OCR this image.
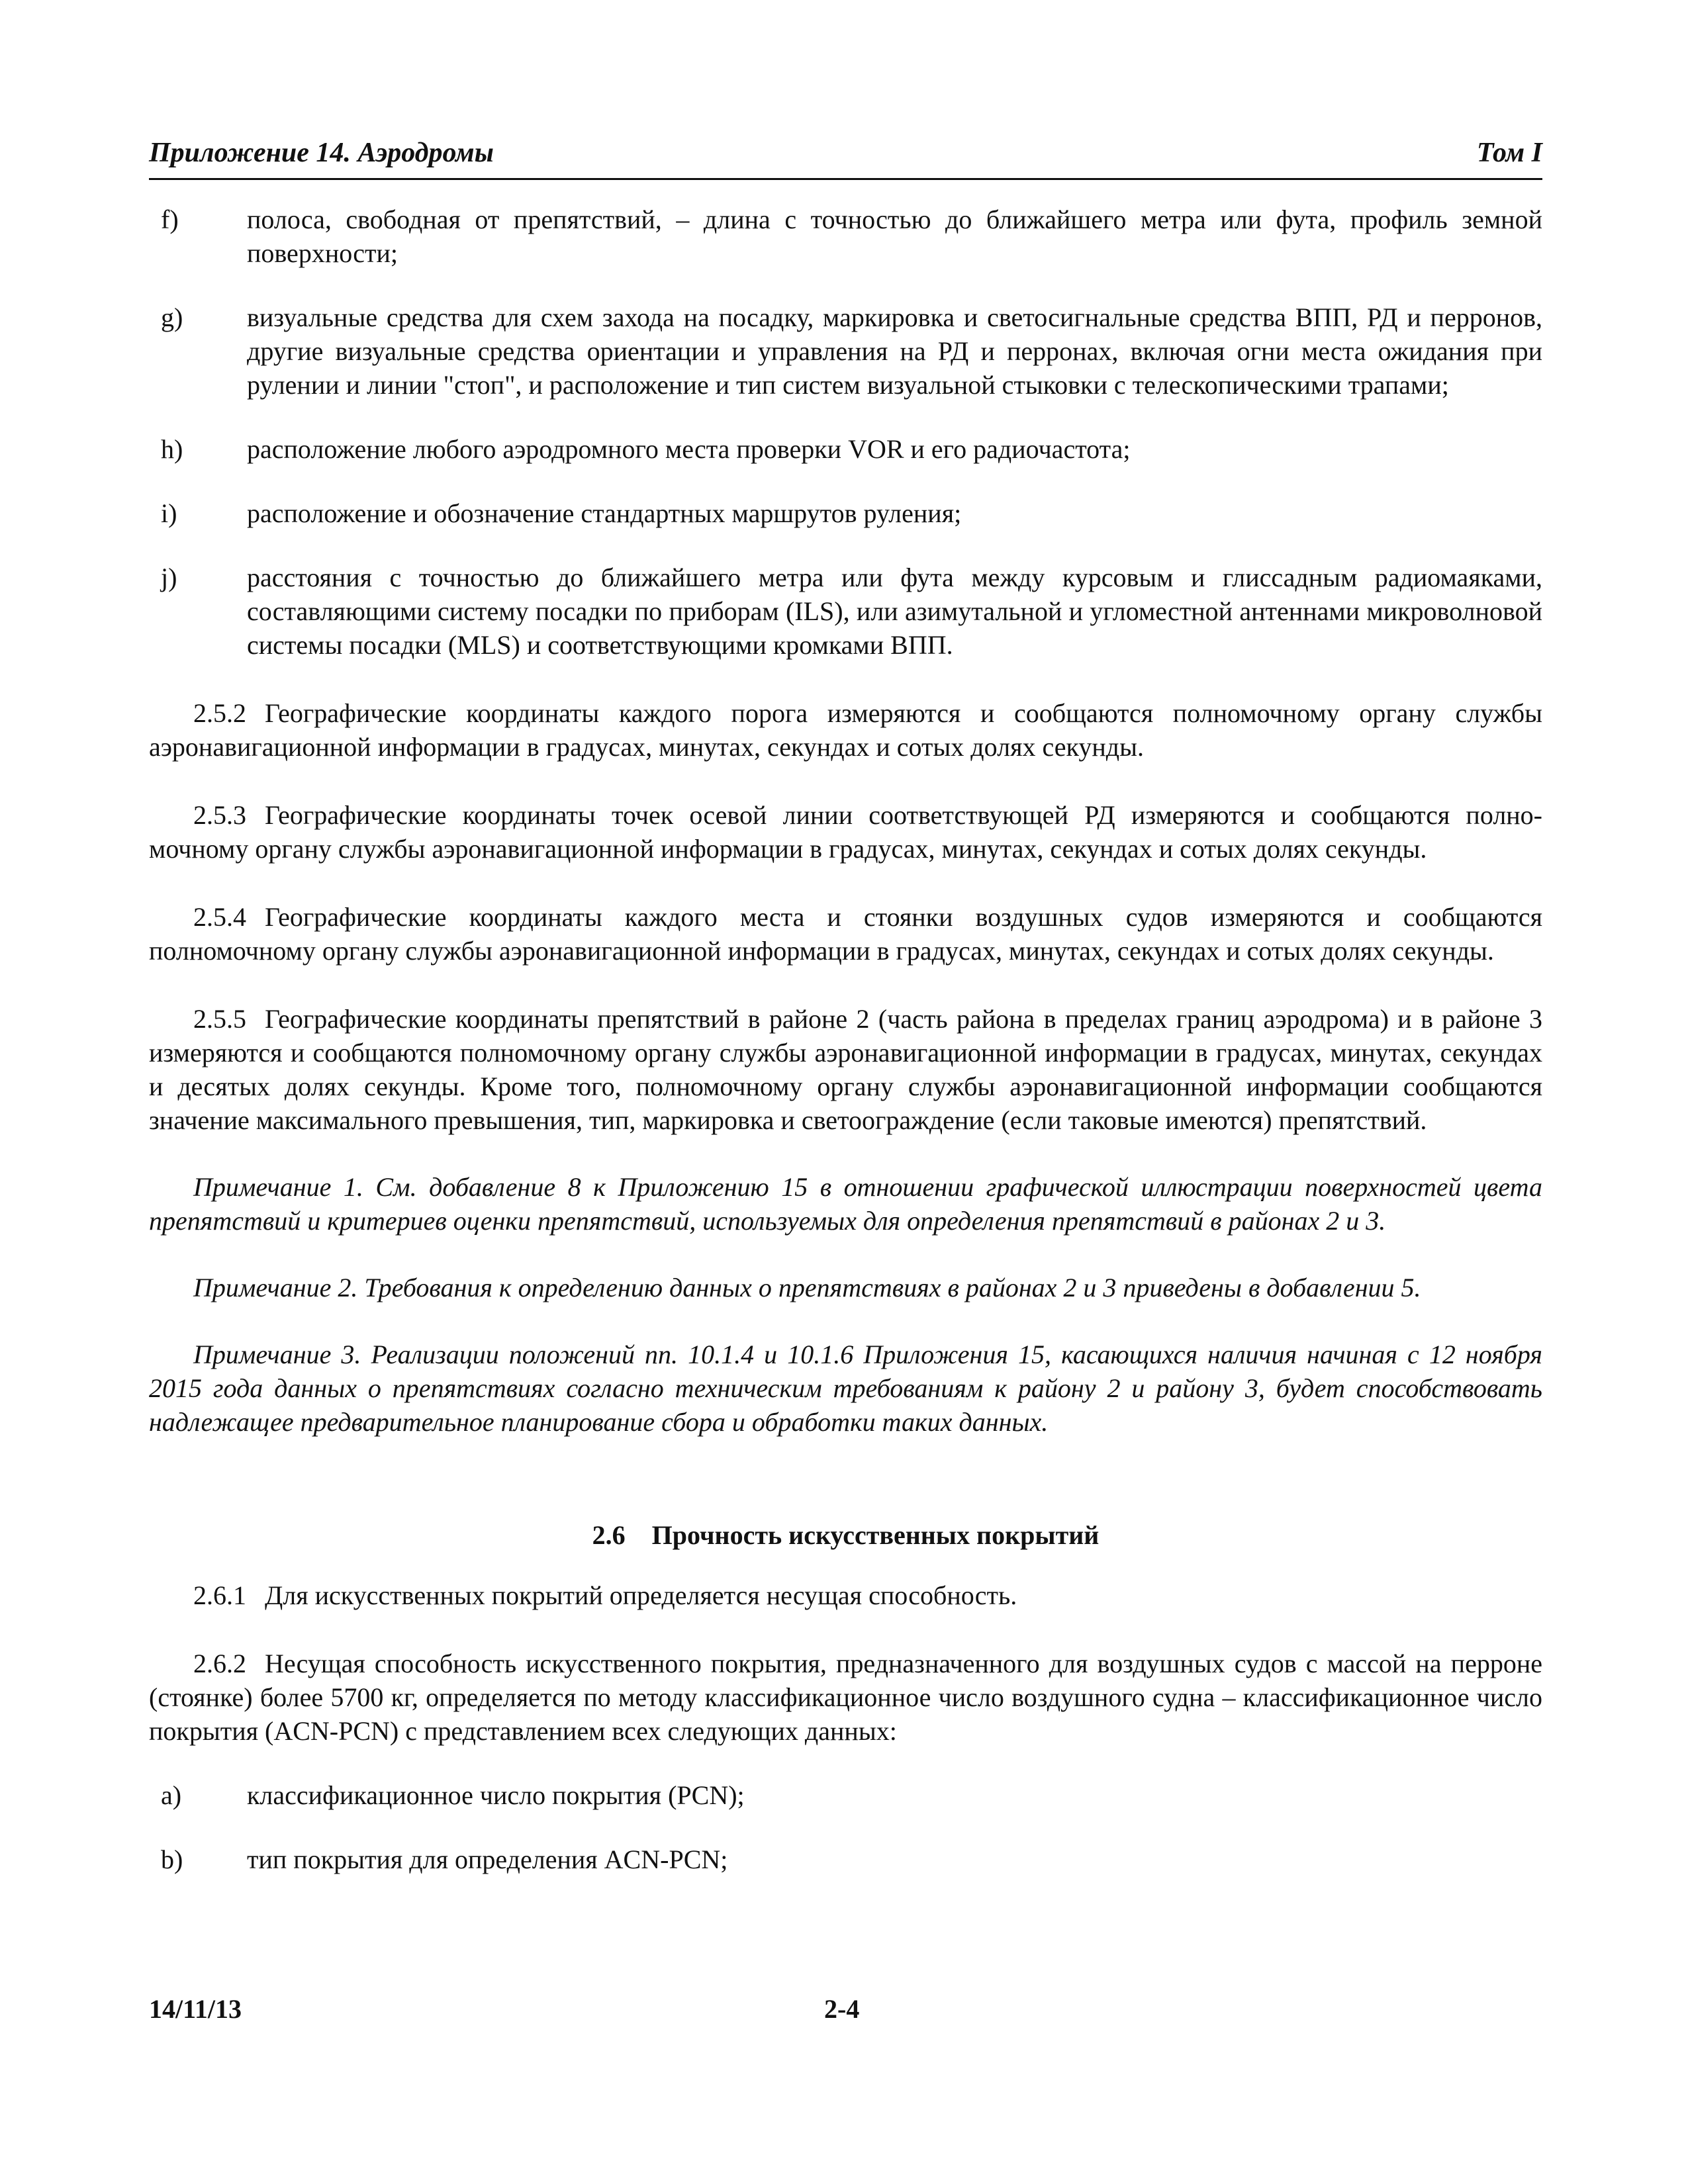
Приложение 14. Аэродромы	Том I
f)	полоса, свободная от препятствий, – длина с точностью до ближайшего метра или фута, профиль земной поверхности;
g)	визуальные средства для схем захода на посадку, маркировка и светосигнальные средства ВПП, РД и перронов, другие визуальные средства ориентации и управления на РД и перронах, включая огни места ожидания при рулении и линии "стоп", и расположение и тип систем визуальной стыковки с телескопическими трапами;
h)	расположение любого аэродромного места проверки VOR и его радиочастота;
i)	расположение и обозначение стандартных маршрутов руления;
j)	расстояния с точностью до ближайшего метра или фута между курсовым и глиссадным радиомаяками, составляющими систему посадки по приборам (ILS), или азимутальной и угломестной антеннами микроволновой системы посадки (MLS) и соответствующими кромками ВПП.

2.5.2 Географические координаты каждого порога измеряются и сообщаются полномочному органу службы аэронавигационной информации в градусах, минутах, секундах и сотых долях секунды.

2.5.3 Географические координаты точек осевой линии соответствующей РД измеряются и сообщаются полно-мочному органу службы аэронавигационной информации в градусах, минутах, секундах и сотых долях секунды.

2.5.4 Географические координаты каждого места и стоянки воздушных судов измеряются и сообщаются полномочному органу службы аэронавигационной информации в градусах, минутах, секундах и сотых долях секунды.

2.5.5 Географические координаты препятствий в районе 2 (часть района в пределах границ аэродрома) и в районе 3 измеряются и сообщаются полномочному органу службы аэронавигационной информации в градусах, минутах, секундах и десятых долях секунды. Кроме того, полномочному органу службы аэронавигационной информации сообщаются значение максимального превышения, тип, маркировка и светоограждение (если таковые имеются) препятствий.

Примечание 1. См. добавление 8 к Приложению 15 в отношении графической иллюстрации поверхностей цвета препятствий и критериев оценки препятствий, используемых для определения препятствий в районах 2 и 3.

Примечание 2. Требования к определению данных о препятствиях в районах 2 и 3 приведены в добавлении 5.

Примечание 3. Реализации положений пп. 10.1.4 и 10.1.6 Приложения 15, касающихся наличия начиная с 12 ноября 2015 года данных о препятствиях согласно техническим требованиям к району 2 и району 3, будет способствовать надлежащее предварительное планирование сбора и обработки таких данных.

2.6 Прочность искусственных покрытий

2.6.1 Для искусственных покрытий определяется несущая способность.

2.6.2 Несущая способность искусственного покрытия, предназначенного для воздушных судов с массой на перроне (стоянке) более 5700 кг, определяется по методу классификационное число воздушного судна – классификационное число покрытия (ACN-PCN) с представлением всех следующих данных:

a)	классификационное число покрытия (PCN);
b)	тип покрытия для определения ACN-PCN;
14/11/13	2-4
